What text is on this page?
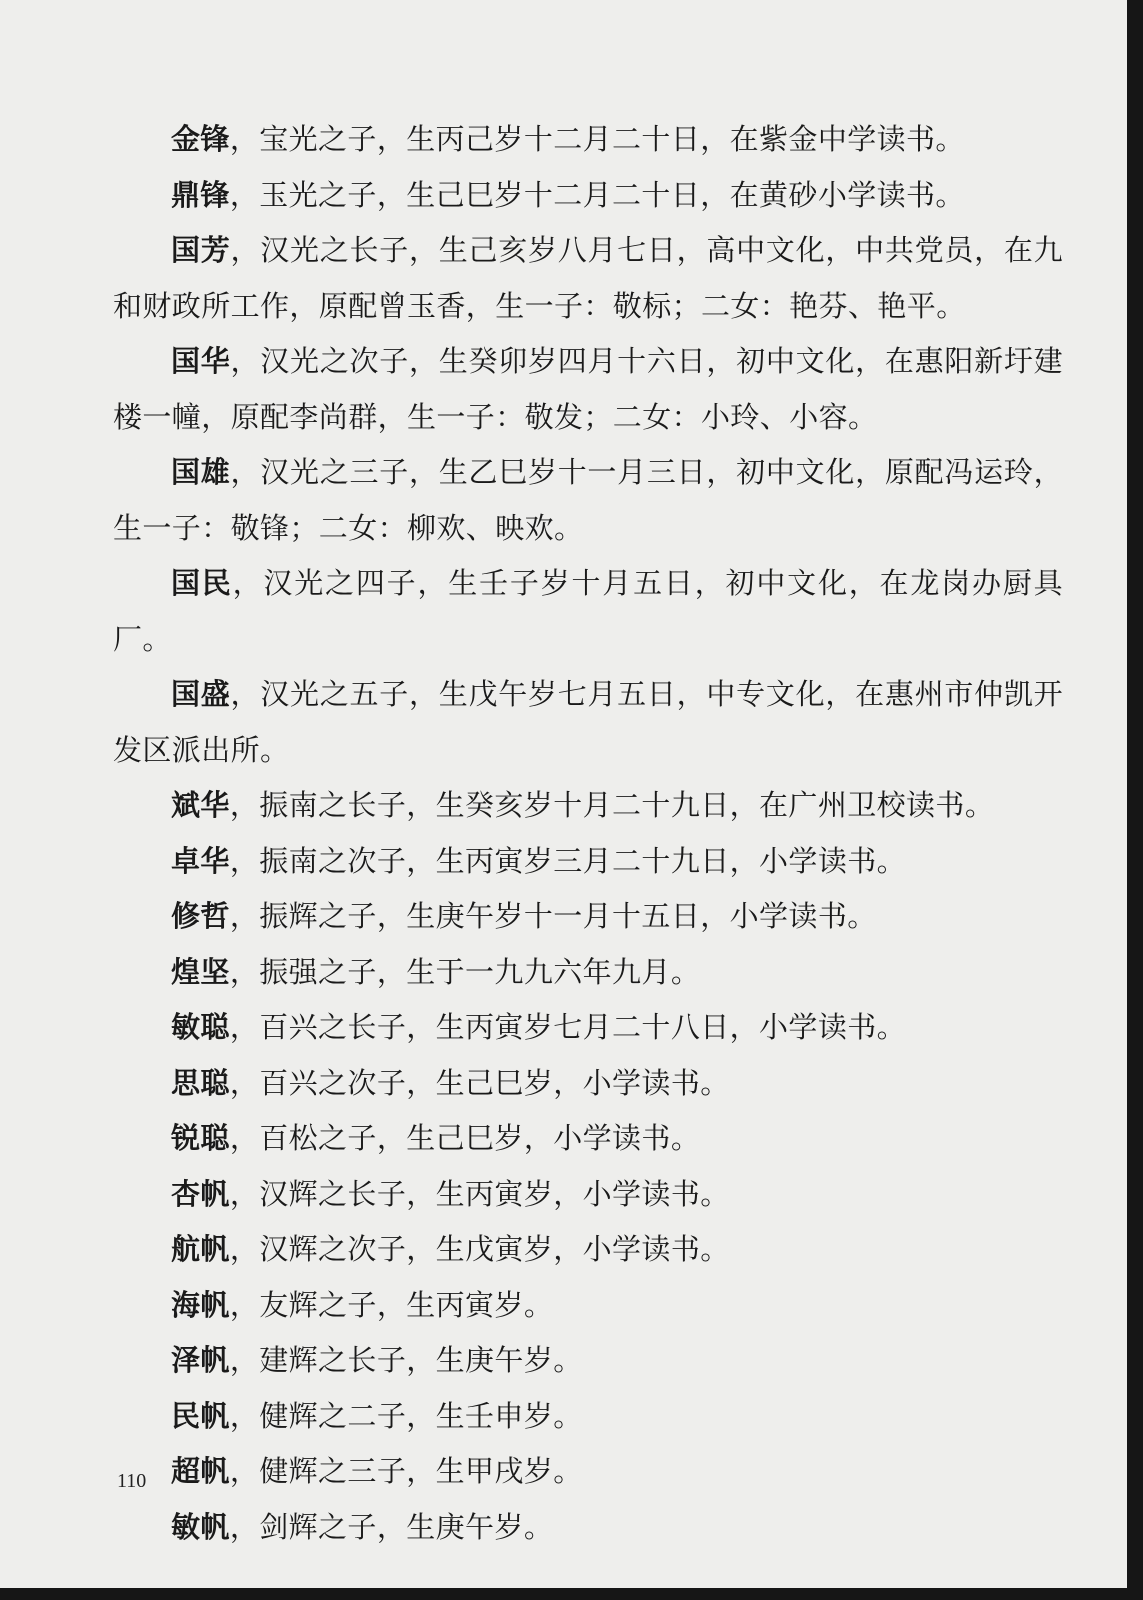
金锋，宝光之子，生丙己岁十二月二十日，在紫金中学读书。

鼎锋，玉光之子，生己巳岁十二月二十日，在黄砂小学读书。

国芳，汉光之长子，生己亥岁八月七日，高中文化，中共党员，在九和财政所工作，原配曾玉香，生一子：敬标；二女：艳芬、艳平。

国华，汉光之次子，生癸卯岁四月十六日，初中文化，在惠阳新圩建楼一幢，原配李尚群，生一子：敬发；二女：小玲、小容。

国雄，汉光之三子，生乙巳岁十一月三日，初中文化，原配冯运玲，生一子：敬锋；二女：柳欢、映欢。

国民，汉光之四子，生壬子岁十月五日，初中文化，在龙岗办厨具厂。

国盛，汉光之五子，生戊午岁七月五日，中专文化，在惠州市仲凯开发区派出所。

斌华，振南之长子，生癸亥岁十月二十九日，在广州卫校读书。

卓华，振南之次子，生丙寅岁三月二十九日，小学读书。

修哲，振辉之子，生庚午岁十一月十五日，小学读书。

煌坚，振强之子，生于一九九六年九月。

敏聪，百兴之长子，生丙寅岁七月二十八日，小学读书。

思聪，百兴之次子，生己巳岁，小学读书。

锐聪，百松之子，生己巳岁，小学读书。

杏帆，汉辉之长子，生丙寅岁，小学读书。

航帆，汉辉之次子，生戊寅岁，小学读书。

海帆，友辉之子，生丙寅岁。

泽帆，建辉之长子，生庚午岁。

民帆，健辉之二子，生壬申岁。

超帆，健辉之三子，生甲戌岁。

敏帆，剑辉之子，生庚午岁。

110
